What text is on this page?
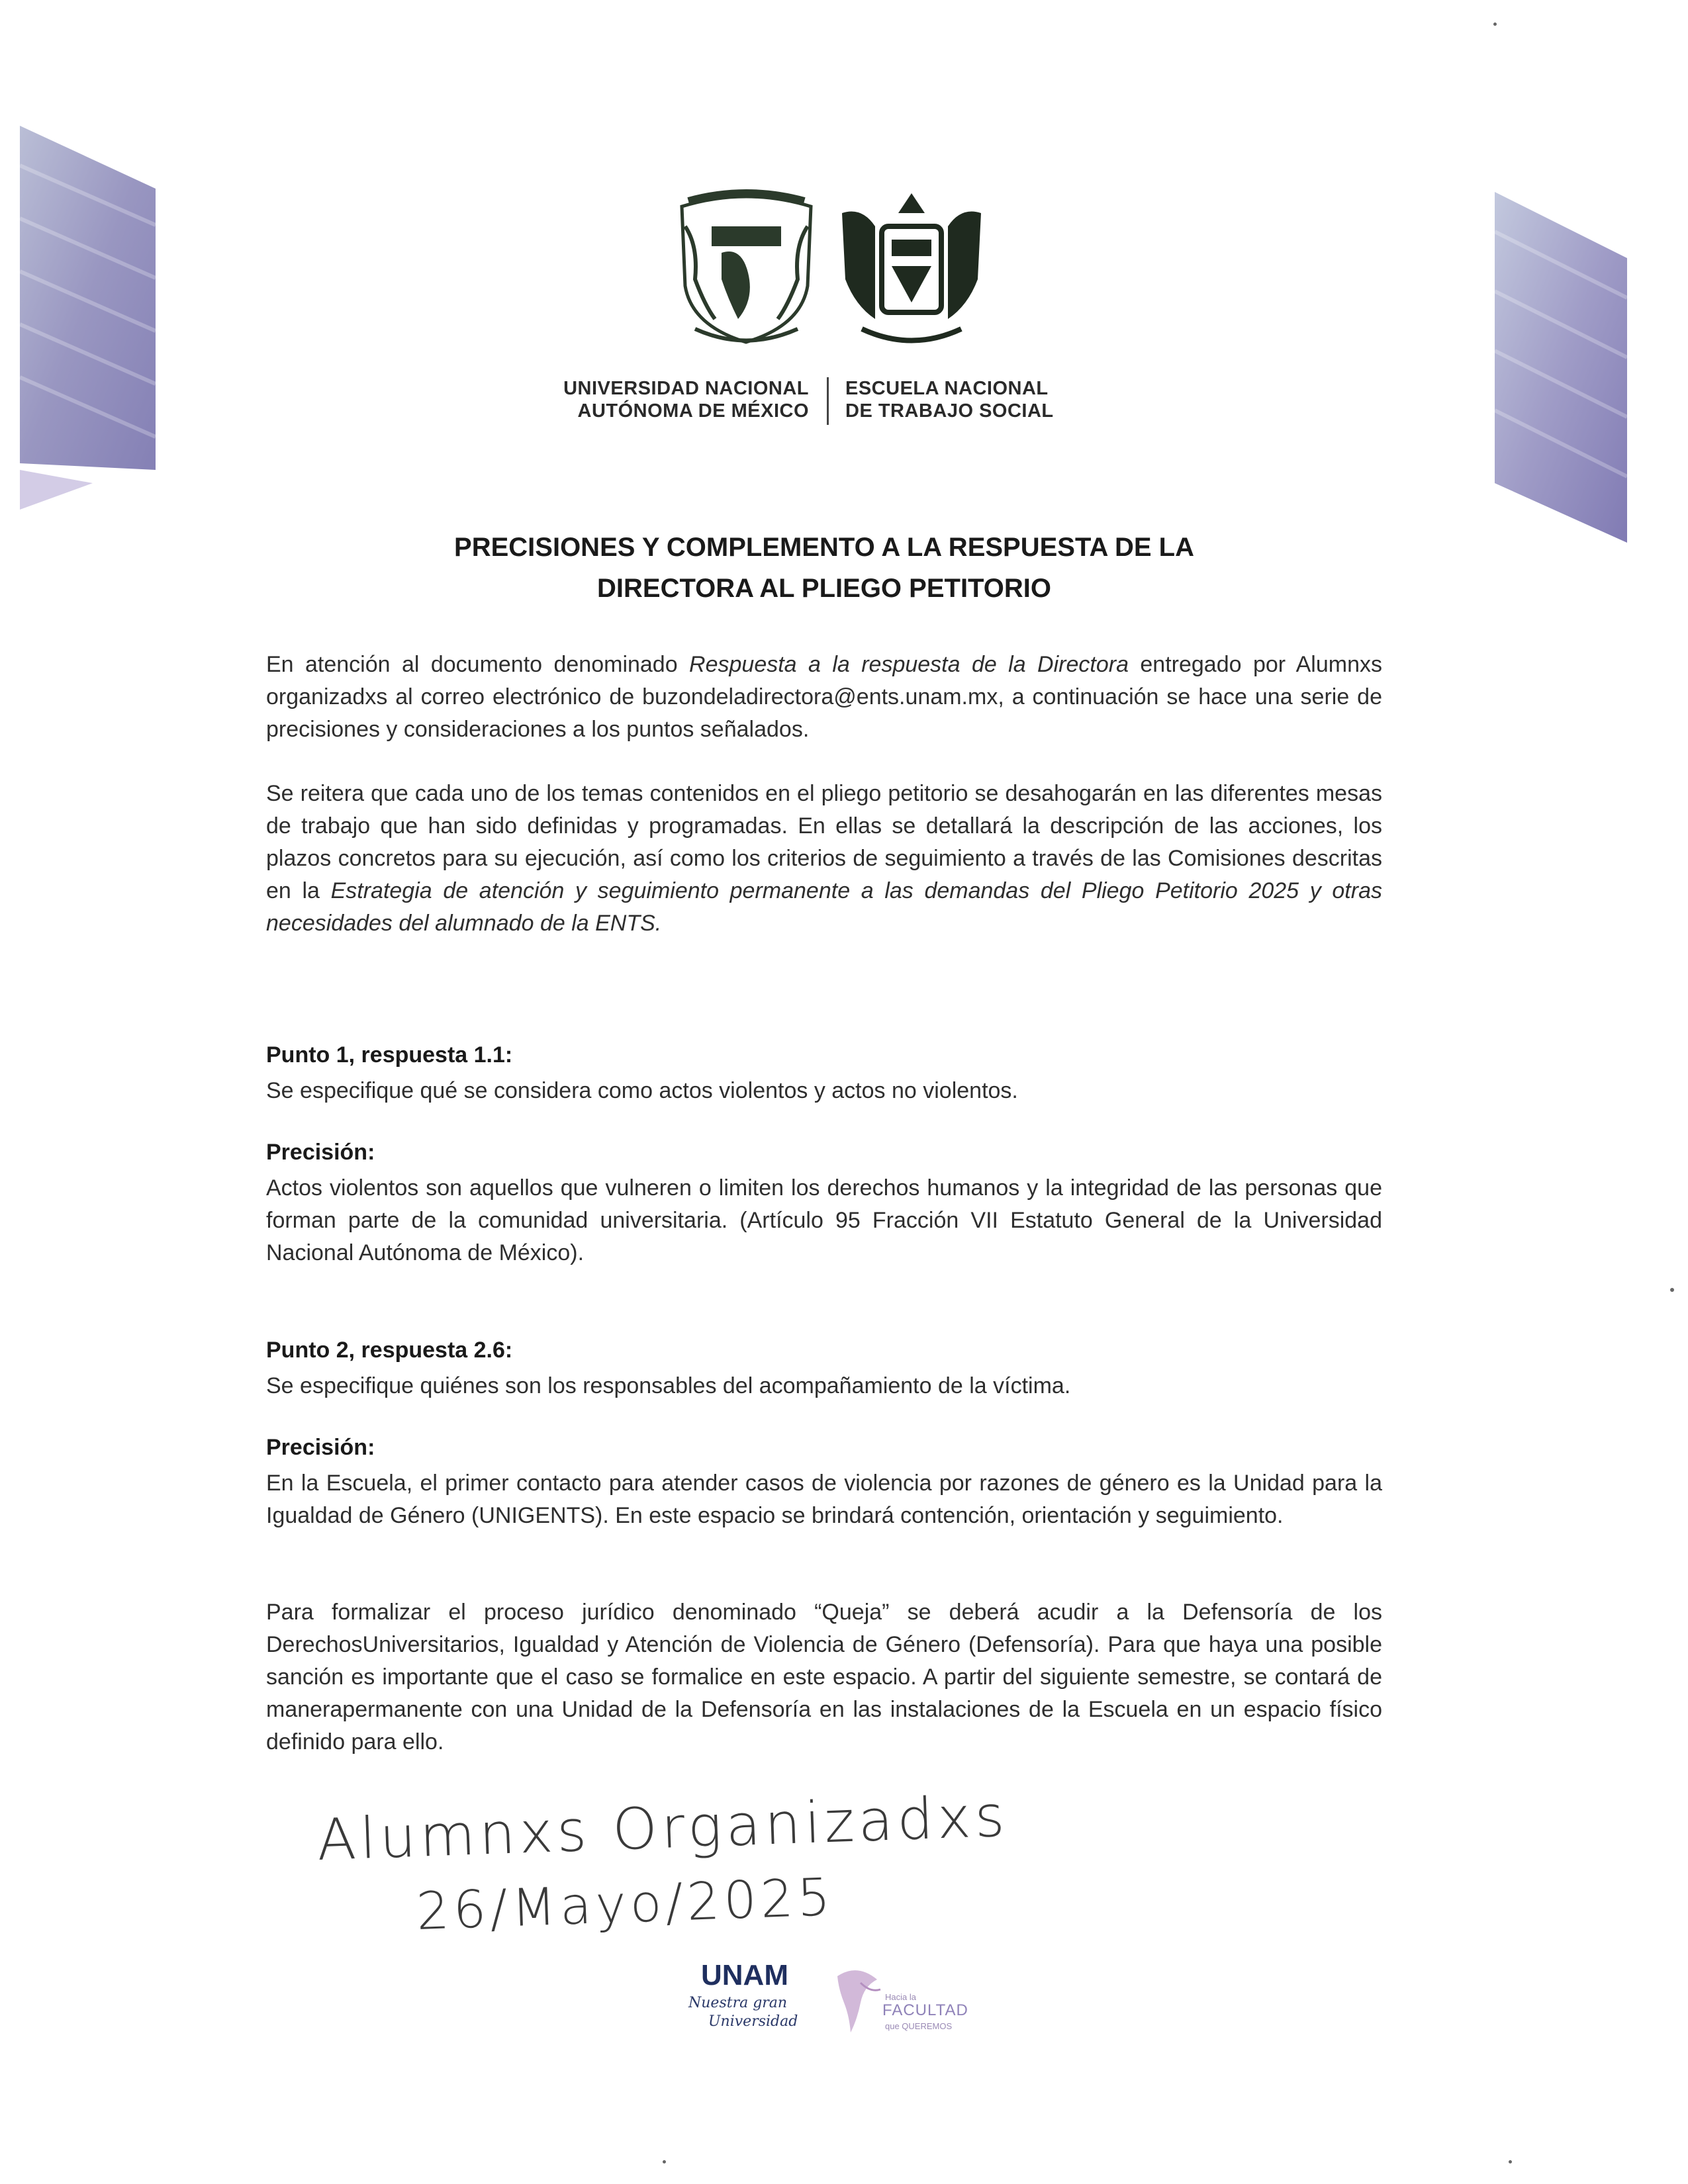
UNIVERSIDAD NACIONAL
AUTÓNOMA DE MÉXICO
ESCUELA NACIONAL
DE TRABAJO SOCIAL
PRECISIONES Y COMPLEMENTO A LA RESPUESTA DE LA
DIRECTORA AL PLIEGO PETITORIO

En atención al documento denominado Respuesta a la respuesta de la Directora entregado por Alumnxs organizadxs al correo electrónico de buzondeladirectora@ents.unam.mx, a continuación se hace una serie de precisiones y consideraciones a los puntos señalados.

Se reitera que cada uno de los temas contenidos en el pliego petitorio se desahogarán en las diferentes mesas de trabajo que han sido definidas y programadas. En ellas se detallará la descripción de las acciones, los plazos concretos para su ejecución, así como los criterios de seguimiento a través de las Comisiones descritas en la Estrategia de atención y seguimiento permanente a las demandas del Pliego Petitorio 2025 y otras necesidades del alumnado de la ENTS.

Punto 1, respuesta 1.1:

Se especifique qué se considera como actos violentos y actos no violentos.

Precisión:

Actos violentos son aquellos que vulneren o limiten los derechos humanos y la integridad de las personas que forman parte de la comunidad universitaria. (Artículo 95 Fracción VII Estatuto General de la Universidad Nacional Autónoma de México).

Punto 2, respuesta 2.6:

Se especifique quiénes son los responsables del acompañamiento de la víctima.

Precisión:

En la Escuela, el primer contacto para atender casos de violencia por razones de género es la Unidad para la Igualdad de Género (UNIGENTS). En este espacio se brindará contención, orientación y seguimiento.

Para formalizar el proceso jurídico denominado “Queja” se deberá acudir a la Defensoría de los DerechosUniversitarios, Igualdad y Atención de Violencia de Género (Defensoría). Para que haya una posible sanción es importante que el caso se formalice en este espacio. A partir del siguiente semestre, se contará de manerapermanente con una Unidad de la Defensoría en las instalaciones de la Escuela en un espacio físico definido para ello.

Alumnxs Organizadxs
26/Mayo/2025
UNAM
Nuestra gran
Universidad
Hacia la
FACULTAD
que QUEREMOS
